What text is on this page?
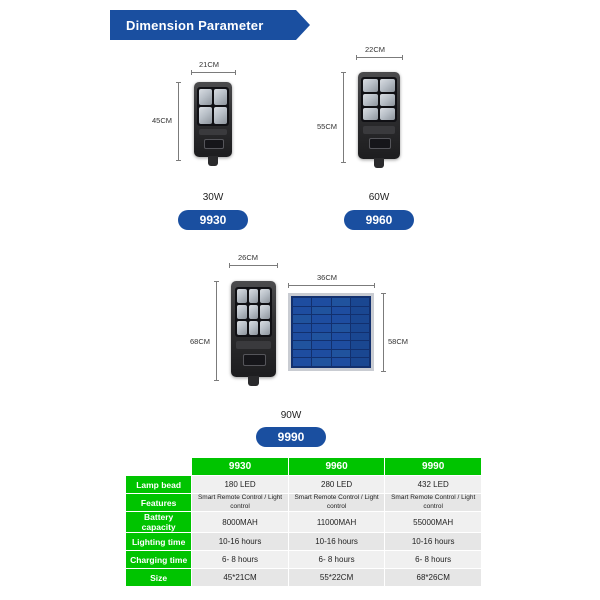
Dimension Parameter
21CM
45CM
30W
9930
22CM
55CM
60W
9960
26CM
68CM
36CM
58CM
90W
9990
	9930	9960	9990
Lamp bead	180 LED	280 LED	432 LED
Features	Smart Remote Control / Light control	Smart Remote Control / Light control	Smart Remote Control / Light control
Battery capacity	8000MAH	11000MAH	55000MAH
Lighting time	10-16 hours	10-16 hours	10-16 hours
Charging time	6- 8 hours	6- 8 hours	6- 8 hours
Size	45*21CM	55*22CM	68*26CM
